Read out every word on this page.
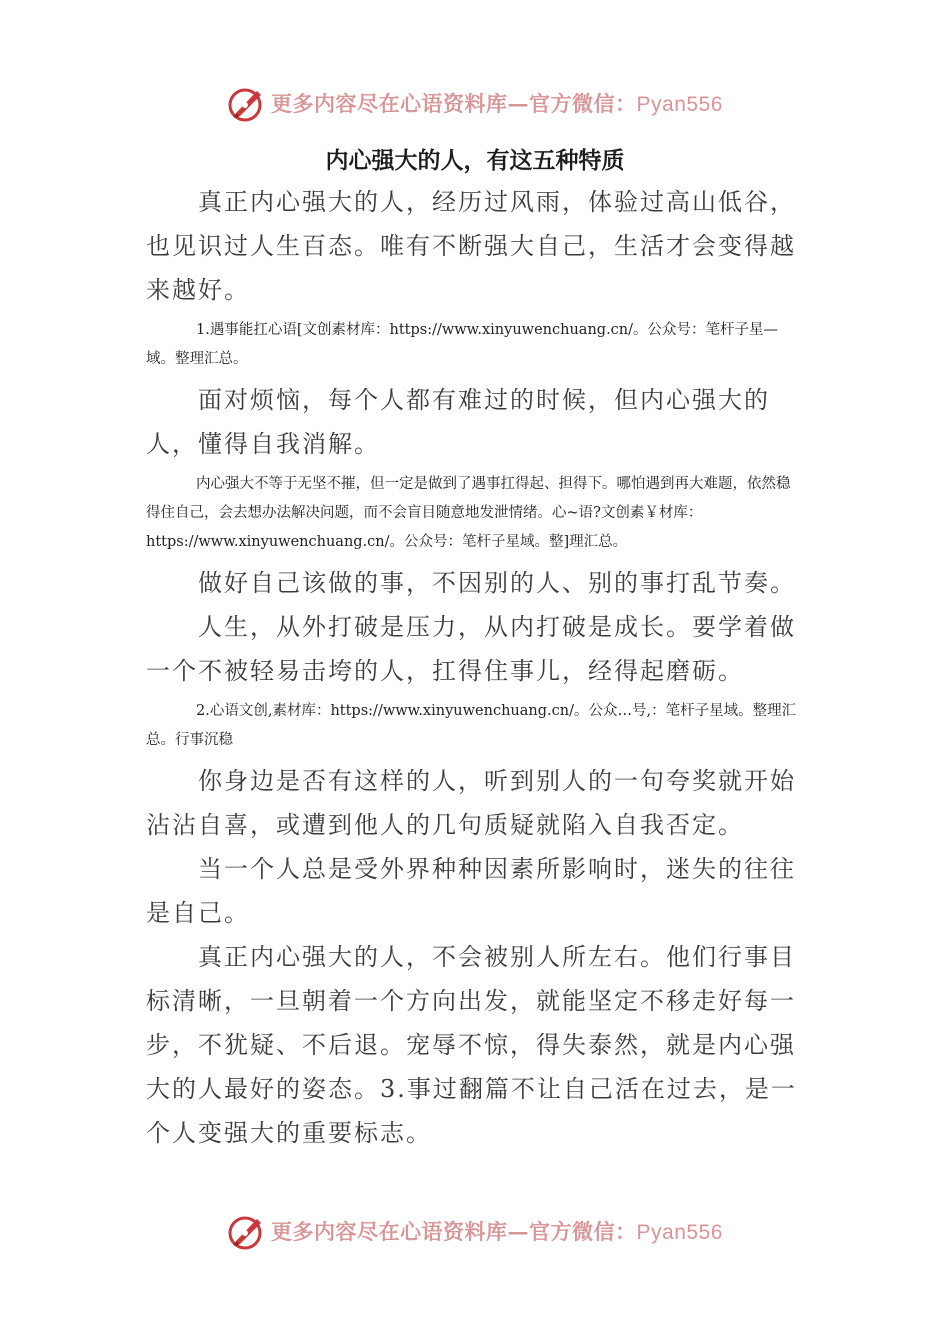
更多内容尽在心语资料库—官方微信：Pyan556
内心强大的人，有这五种特质

真正内心强大的人，经历过风雨，体验过高山低谷，也见识过人生百态。唯有不断强大自己，生活才会变得越来越好。

1.遇事能扛心语[文创素材库：https://www.xinyuwenchuang.cn/。公众号：笔杆子星—域。整理汇总。

面对烦恼，每个人都有难过的时候，但内心强大的人，懂得自我消解。

内心强大不等于无坚不摧，但一定是做到了遇事扛得起、担得下。哪怕遇到再大难题，依然稳得住自己，会去想办法解决问题，而不会盲目随意地发泄情绪。心~语?文创素￥材库：https://www.xinyuwenchuang.cn/。公众号：笔杆子星域。整]理汇总。

做好自己该做的事，不因别的人、别的事打乱节奏。

人生，从外打破是压力，从内打破是成长。要学着做一个不被轻易击垮的人，扛得住事儿，经得起磨砺。

2.心语文创,素材库：https://www.xinyuwenchuang.cn/。公众…号,：笔杆子星域。整理汇总。行事沉稳

你身边是否有这样的人，听到别人的一句夸奖就开始沾沾自喜，或遭到他人的几句质疑就陷入自我否定。

当一个人总是受外界种种因素所影响时，迷失的往往是自己。

真正内心强大的人，不会被别人所左右。他们行事目标清晰，一旦朝着一个方向出发，就能坚定不移走好每一步，不犹疑、不后退。宠辱不惊，得失泰然，就是内心强大的人最好的姿态。3.事过翻篇不让自己活在过去，是一个人变强大的重要标志。

更多内容尽在心语资料库—官方微信：Pyan556
